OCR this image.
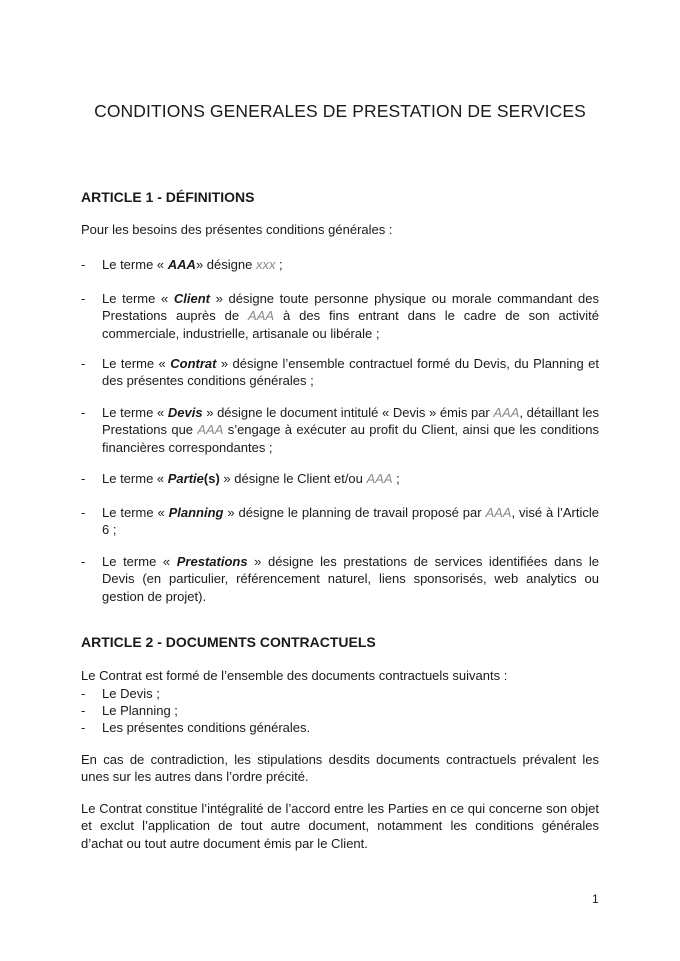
CONDITIONS GENERALES DE PRESTATION DE SERVICES
ARTICLE 1 - DÉFINITIONS

Pour les besoins des présentes conditions générales :

- Le terme « AAA» désigne xxx ;
- Le terme « Client » désigne toute personne physique ou morale commandant des Prestations auprès de AAA à des fins entrant dans le cadre de son activité commerciale, industrielle, artisanale ou libérale ;
- Le terme « Contrat » désigne l’ensemble contractuel formé du Devis, du Planning et des présentes conditions générales ;
- Le terme « Devis » désigne le document intitulé « Devis » émis par AAA, détaillant les Prestations que AAA s’engage à exécuter au profit du Client, ainsi que les conditions financières correspondantes ;
- Le terme « Partie(s) » désigne le Client et/ou AAA ;
- Le terme « Planning » désigne le planning de travail proposé par AAA, visé à l’Article 6 ;
- Le terme « Prestations » désigne les prestations de services identifiées dans le Devis (en particulier, référencement naturel, liens sponsorisés, web analytics ou gestion de projet).
ARTICLE 2 - DOCUMENTS CONTRACTUELS

Le Contrat est formé de l’ensemble des documents contractuels suivants :

- Le Devis ;
- Le Planning ;
- Les présentes conditions générales.

En cas de contradiction, les stipulations desdits documents contractuels prévalent les unes sur les autres dans l’ordre précité.

Le Contrat constitue l’intégralité de l’accord entre les Parties en ce qui concerne son objet et exclut l’application de tout autre document, notamment les conditions générales d’achat ou tout autre document émis par le Client.

1
